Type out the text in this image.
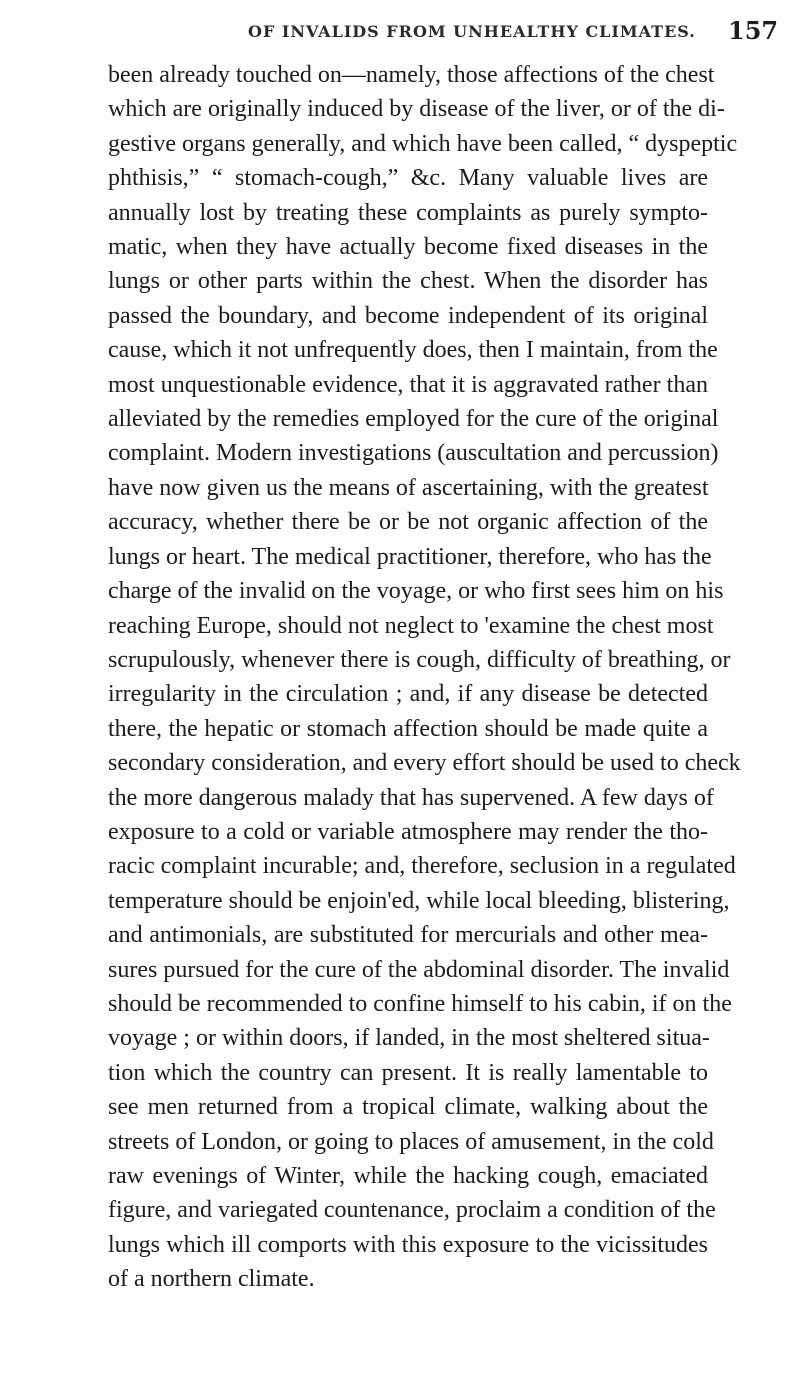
OF INVALIDS FROM UNHEALTHY CLIMATES. 157
been already touched on—namely, those affections of the chest
which are originally induced by disease of the liver, or of the di-
gestive organs generally, and which have been called, “ dyspeptic
phthisis,” “ stomach-cough,” &c. Many valuable lives are
annually lost by treating these complaints as purely sympto-
matic, when they have actually become fixed diseases in the
lungs or other parts within the chest. When the disorder has
passed the boundary, and become independent of its original
cause, which it not unfrequently does, then I maintain, from the
most unquestionable evidence, that it is aggravated rather than
alleviated by the remedies employed for the cure of the original
complaint. Modern investigations (auscultation and percussion)
have now given us the means of ascertaining, with the greatest
accuracy, whether there be or be not organic affection of the
lungs or heart. The medical practitioner, therefore, who has the
charge of the invalid on the voyage, or who first sees him on his
reaching Europe, should not neglect to 'examine the chest most
scrupulously, whenever there is cough, difficulty of breathing, or
irregularity in the circulation ; and, if any disease be detected
there, the hepatic or stomach affection should be made quite a
secondary consideration, and every effort should be used to check
the more dangerous malady that has supervened. A few days of
exposure to a cold or variable atmosphere may render the tho-
racic complaint incurable; and, therefore, seclusion in a regulated
temperature should be enjoin'ed, while local bleeding, blistering,
and antimonials, are substituted for mercurials and other mea-
sures pursued for the cure of the abdominal disorder. The invalid
should be recommended to confine himself to his cabin, if on the
voyage ; or within doors, if landed, in the most sheltered situa-
tion which the country can present. It is really lamentable to
see men returned from a tropical climate, walking about the
streets of London, or going to places of amusement, in the cold
raw evenings of Winter, while the hacking cough, emaciated
figure, and variegated countenance, proclaim a condition of the
lungs which ill comports with this exposure to the vicissitudes
of a northern climate.
